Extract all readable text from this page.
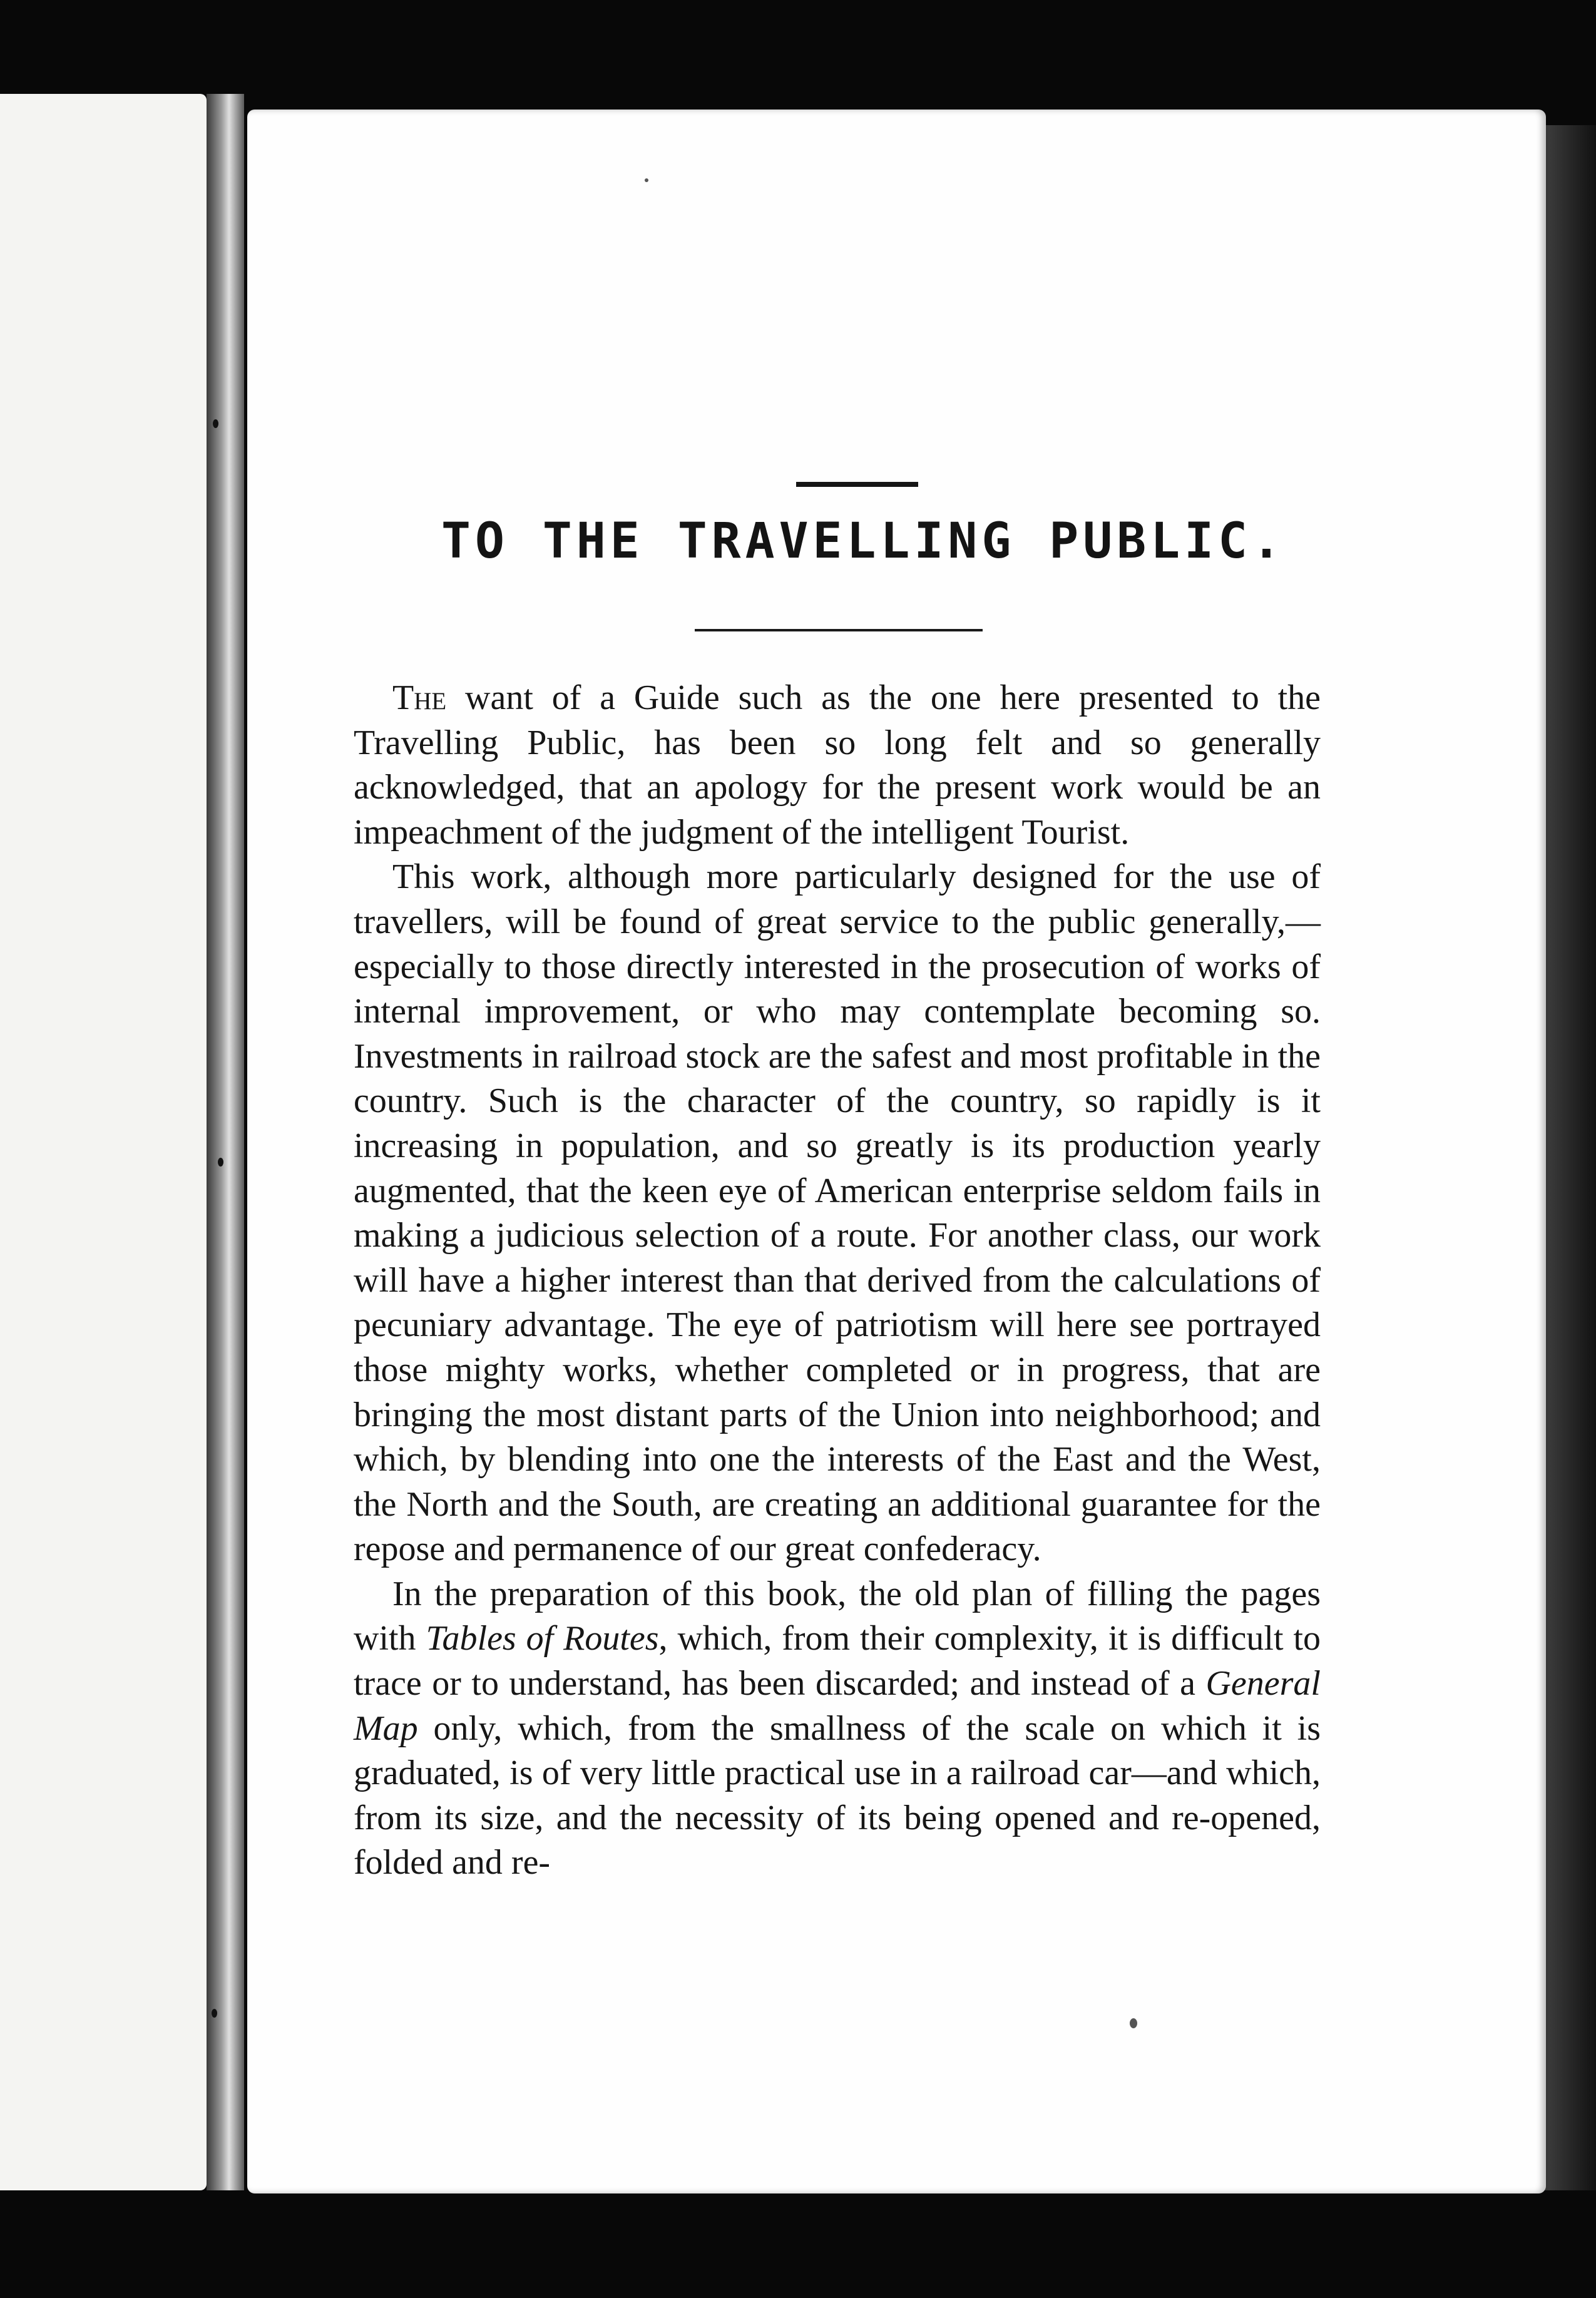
TO THE TRAVELLING PUBLIC.

The want of a Guide such as the one here presented to the Travelling Public, has been so long felt and so generally acknowledged, that an apology for the present work would be an impeachment of the judgment of the intelligent Tourist.

This work, although more particularly designed for the use of travellers, will be found of great service to the public generally,—especially to those directly interested in the prosecution of works of internal improvement, or who may contemplate becoming so. Investments in railroad stock are the safest and most profitable in the country. Such is the character of the country, so rapidly is it increasing in population, and so greatly is its production yearly augmented, that the keen eye of American enterprise seldom fails in making a judicious selection of a route. For another class, our work will have a higher interest than that derived from the calculations of pecuniary advantage. The eye of patriotism will here see portrayed those mighty works, whether completed or in progress, that are bringing the most distant parts of the Union into neighborhood; and which, by blending into one the interests of the East and the West, the North and the South, are creating an additional guarantee for the repose and permanence of our great confederacy.

In the preparation of this book, the old plan of filling the pages with Tables of Routes, which, from their complexity, it is difficult to trace or to understand, has been discarded; and instead of a General Map only, which, from the smallness of the scale on which it is graduated, is of very little practical use in a railroad car—and which, from its size, and the necessity of its being opened and re-opened, folded and re-
